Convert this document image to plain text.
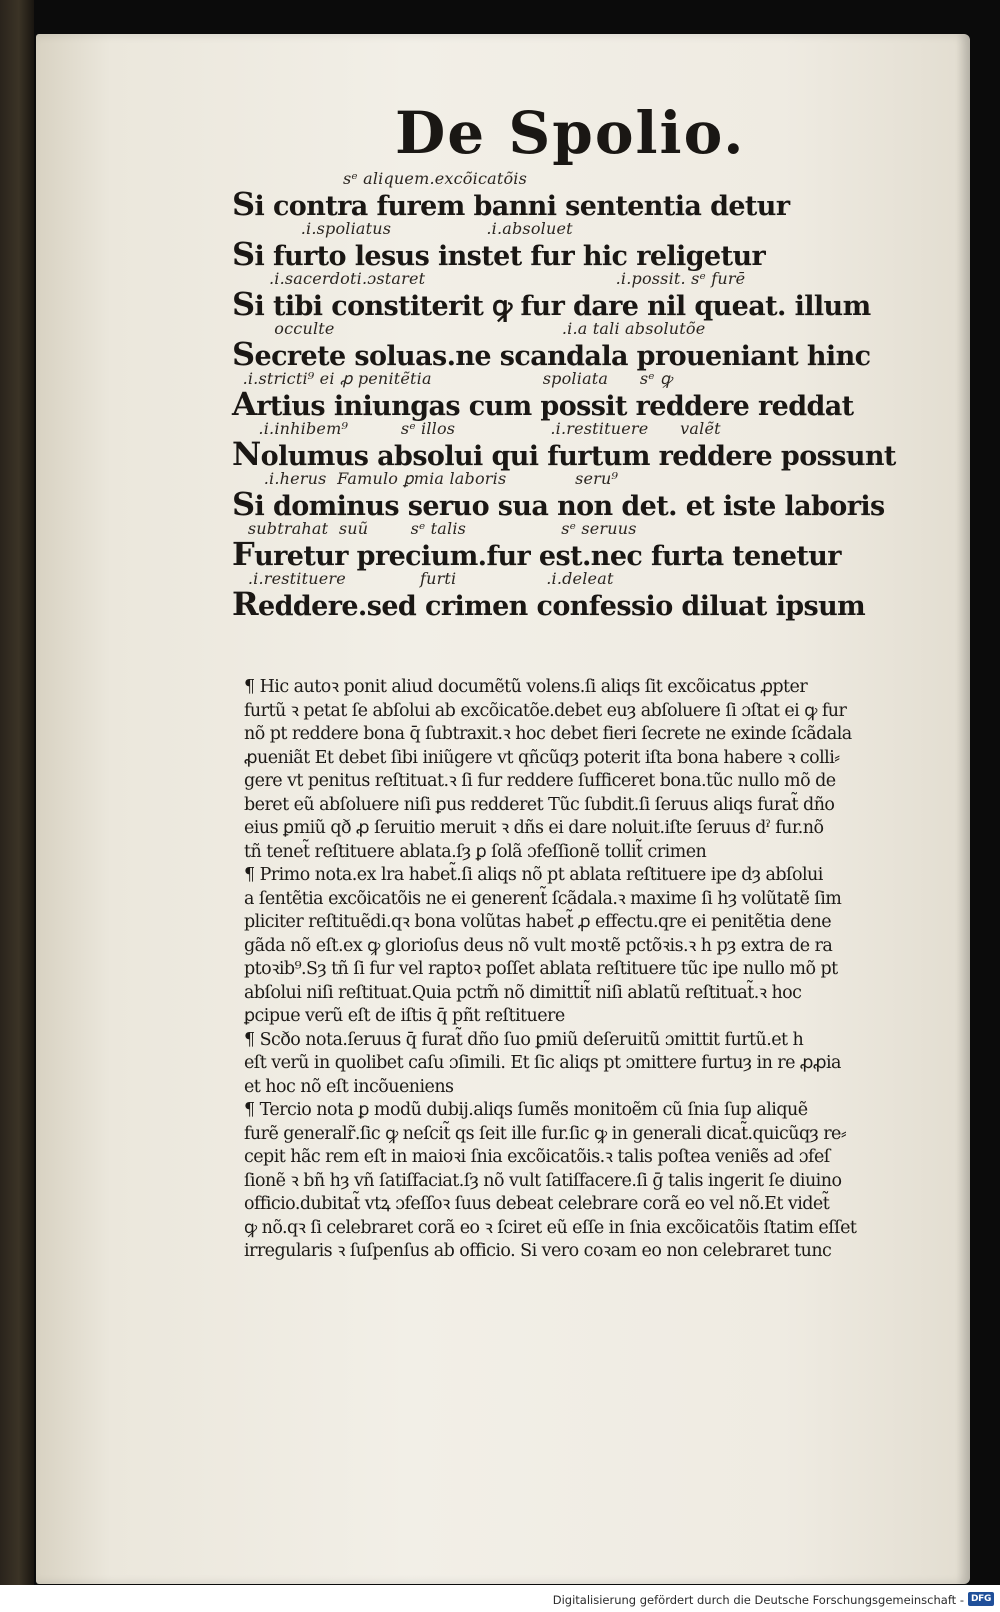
De Spolio.
sᵉ aliquem.excõicatõis
Si contra furem banni sententia detur
.i.spoliatus                  .i.absoluet
Si furto lesus instet fur hic religetur
.i.sacerdoti.ɔstaret                                    .i.possit. sᵉ furē
Si tibi constiterit ꝙ fur dare nil queat. illum
occulte                                           .i.a tali absolutõe
Secrete soluas.ne scandala proueniant hinc
.i.stricti⁹ ei ꝓ penitẽtia                     spoliata      sᵉ ꝙ
Artius iniungas cum possit reddere reddat
.i.inhibem⁹          sᵉ illos                  .i.restituere      valẽt
Nolumus absolui qui furtum reddere possunt
.i.herus  Famulo ꝑmia laboris             seru⁹
Si dominus seruo sua non det. et iste laboris
subtrahat  suũ        sᵉ talis                  sᵉ seruus
Furetur precium.fur est.nec furta tenetur
.i.restituere              furti                 .i.deleat
Reddere.sed crimen confessio diluat ipsum
¶ Hic autoꝛ ponit aliud documẽtũ volens.ſi aliqs ſit excõicatus ꝓpter
furtũ ꝛ petat ſe abſolui ab excõicatõe.debet euȝ abſoluere ſi ɔſtat ei ꝙ fur
nõ pt reddere bona q̄ ſubtraxit.ꝛ hoc debet fieri ſecrete ne exinde ſcãdala
ꝓueniãt Et debet ſibi iniũgere vt qñcũqȝ poterit iſta bona habere ꝛ colli⸗
gere vt penitus reſtituat.ꝛ ſi fur reddere ſufficeret bona.tũc nullo mõ de
beret eũ abſoluere niſi ꝑus redderet Tũc ſubdit.ſi ſeruus aliqs furat̃ dño
eius ꝑmiũ qð ꝓ ſeruitio meruit ꝛ dñs ei dare noluit.iſte ſeruus dˀ fur.nõ
tñ tenet̃ reſtituere ablata.ſȝ ꝑ ſolã ɔfeſſionẽ tollit̃ crimen
¶ Primo nota.ex lra habet̃.ſi aliqs nõ pt ablata reſtituere ipe dȝ abſolui
a ſentẽtia excõicatõis ne ei generent̃ ſcãdala.ꝛ maxime ſi hȝ volũtatẽ ſim
pliciter reſtituẽdi.qꝛ bona volũtas habet̃ ꝓ effectu.qre ei penitẽtia dene
gãda nõ eſt.ex ꝙ glorioſus deus nõ vult moꝛtẽ pctõꝛis.ꝛ h pȝ extra de ra
ptoꝛib⁹.Sȝ tñ ſi fur vel raptoꝛ poſſet ablata reſtituere tũc ipe nullo mõ pt
abſolui niſi reſtituat.Quia pctm̃ nõ dimittit̃ niſi ablatũ reſtituat̃.ꝛ hoc
ꝑcipue verũ eſt de iſtis q̄ pñt reſtituere
¶ Scðo nota.ſeruus q̄ furat̃ dño ſuo ꝑmiũ deſeruitũ ɔmittit furtũ.et h
eſt verũ in quolibet caſu ɔſimili. Et ſic aliqs pt ɔmittere furtuȝ in re ꝓꝓia
et hoc nõ eſt incõueniens
¶ Tercio nota ꝑ modũ dubij.aliqs ſumẽs monitoẽm cũ ſnia ſup aliquẽ
furẽ generalr̃.ſic ꝙ neſcit̃ qs ſeit ille fur.ſic ꝙ in generali dicat̃.quicũqȝ re⸗
cepit hãc rem eſt in maioꝛi ſnia excõicatõis.ꝛ talis poſtea veniẽs ad ɔfeſ
ſionẽ ꝛ bñ hȝ vñ ſatiſfaciat.ſȝ nõ vult ſatiſfacere.ſi ḡ talis ingerit ſe diuino
officio.dubitat̃ vtꝝ ɔfeſſoꝛ ſuus debeat celebrare corã eo vel nõ.Et videt̃
ꝙ nõ.qꝛ ſi celebraret corã eo ꝛ ſciret eũ eſſe in ſnia excõicatõis ſtatim eſſet
irregularis ꝛ ſuſpenſus ab officio. Si vero coꝛam eo non celebraret tunc
Digitalisierung gefördert durch die Deutsche Forschungsgemeinschaft - DFG
